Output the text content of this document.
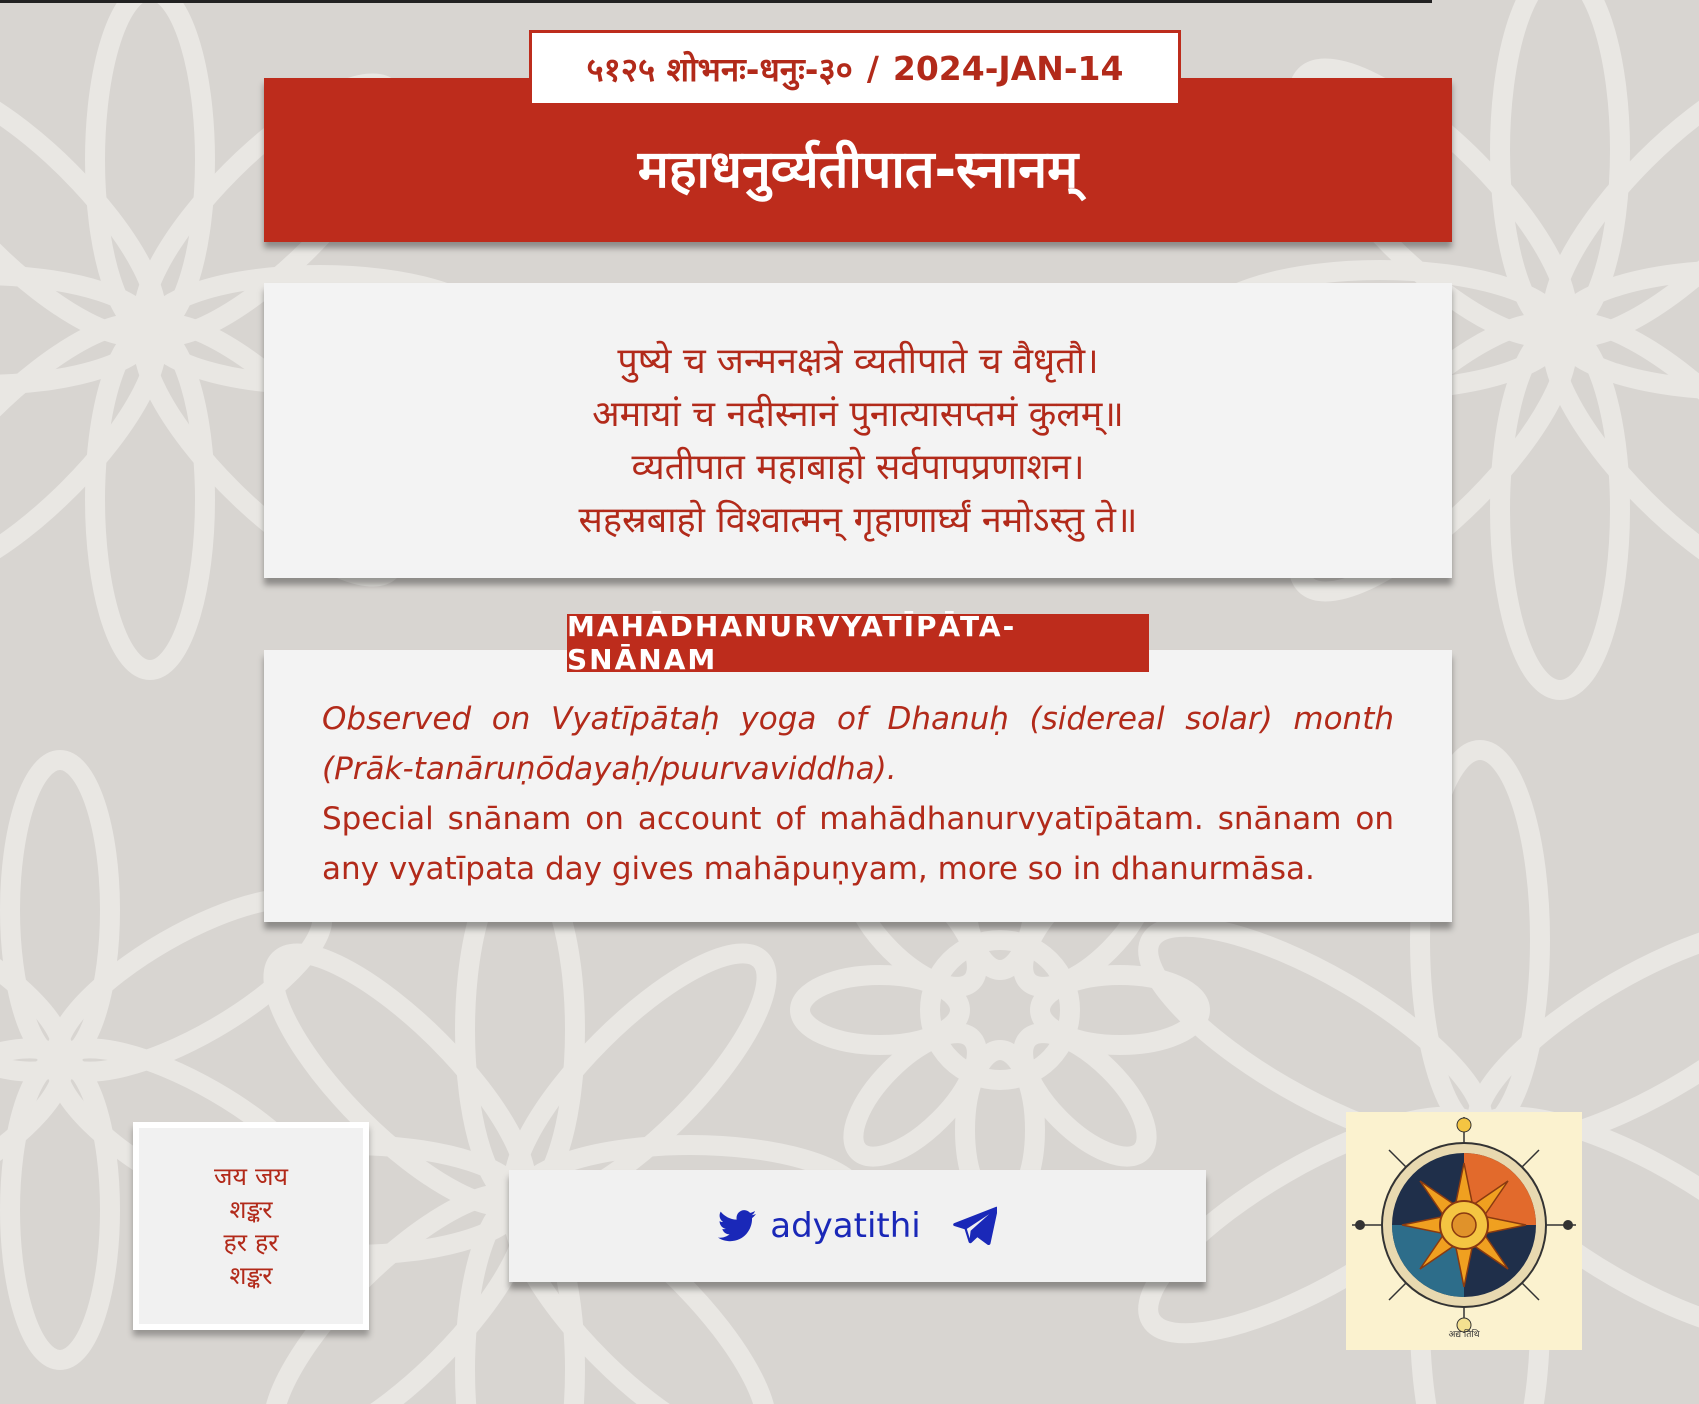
५१२५ शोभनः-धनुः-३० / 2024-JAN-14
महाधनुर्व्यतीपात-स्नानम्
पुष्ये च जन्मनक्षत्रे व्यतीपाते च वैधृतौ।
अमायां च नदीस्नानं पुनात्यासप्तमं कुलम्॥
व्यतीपात महाबाहो सर्वपापप्रणाशन।
सहस्रबाहो विश्वात्मन् गृहाणार्घ्यं नमोऽस्तु ते॥
Observed on Vyatīpātaḥ yoga of Dhanuḥ (sidereal solar) month (Prāk-tanāruṇōdayaḥ/puurvaviddha).
Special snānam on account of mahādhanurvyatīpātam. snānam on any vyatīpata day gives mahāpuṇyam, more so in dhanurmāsa.
MAHĀDHANURVYATĪPĀTA-SNĀNAM
जय जय
शङ्कर
हर हर
शङ्कर
adyatithi
अद्य तिथि
